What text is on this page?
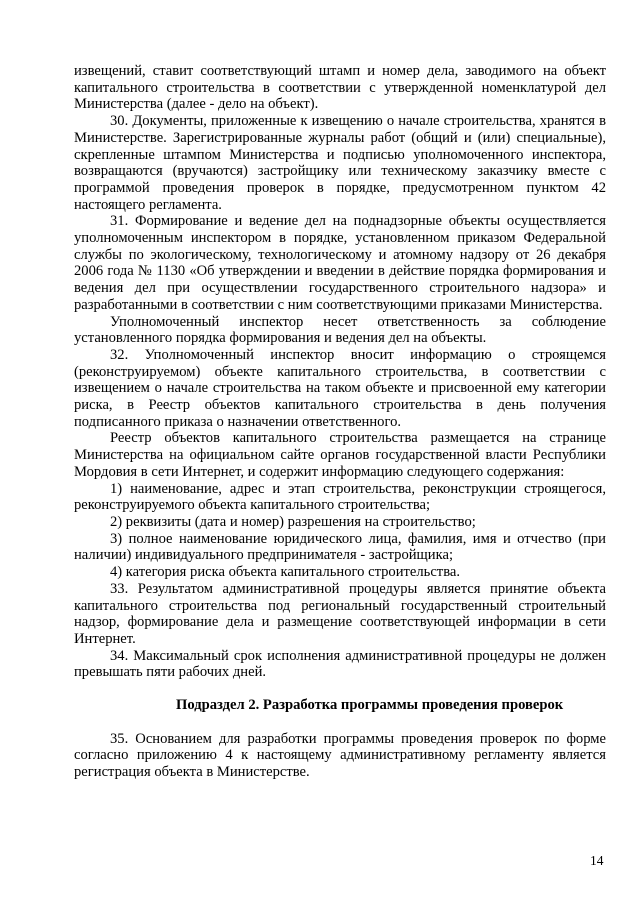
извещений, ставит соответствующий штамп и номер дела, заводимого на объект капитального строительства в соответствии с утвержденной номенклатурой дел Министерства (далее - дело на объект).

30. Документы, приложенные к извещению о начале строительства, хранятся в Министерстве. Зарегистрированные журналы работ (общий и (или) специальные), скрепленные штампом Министерства и подписью уполномоченного инспектора, возвращаются (вручаются) застройщику или техническому заказчику вместе с программой проведения проверок в порядке, предусмотренном пунктом 42 настоящего регламента.

31. Формирование и ведение дел на поднадзорные объекты осуществляется уполномоченным инспектором в порядке, установленном приказом Федеральной службы по экологическому, технологическому и атомному надзору от 26 декабря 2006 года № 1130 «Об утверждении и введении в действие порядка формирования и ведения дел при осуществлении государственного строительного надзора» и разработанными в соответствии с ним соответствующими приказами Министерства.

Уполномоченный инспектор несет ответственность за соблюдение установленного порядка формирования и ведения дел на объекты.

32. Уполномоченный инспектор вносит информацию о строящемся (реконструируемом) объекте капитального строительства, в соответствии с извещением о начале строительства на таком объекте и присвоенной ему категории риска, в Реестр объектов капитального строительства в день получения подписанного приказа о назначении ответственного.

Реестр объектов капитального строительства размещается на странице Министерства на официальном сайте органов государственной власти Республики Мордовия в сети Интернет, и содержит информацию следующего содержания:

1) наименование, адрес и этап строительства, реконструкции строящегося, реконструируемого объекта капитального строительства;

2) реквизиты (дата и номер) разрешения на строительство;

3) полное наименование юридического лица, фамилия, имя и отчество (при наличии) индивидуального предпринимателя - застройщика;

4) категория риска объекта капитального строительства.

33. Результатом административной процедуры является принятие объекта капитального строительства под региональный государственный строительный надзор, формирование дела и размещение соответствующей информации в сети Интернет.

34. Максимальный срок исполнения административной процедуры не должен превышать пяти рабочих дней.

Подраздел 2. Разработка программы проведения проверок

35. Основанием для разработки программы проведения проверок по форме согласно приложению 4 к настоящему административному регламенту является регистрация объекта в Министерстве.

14
